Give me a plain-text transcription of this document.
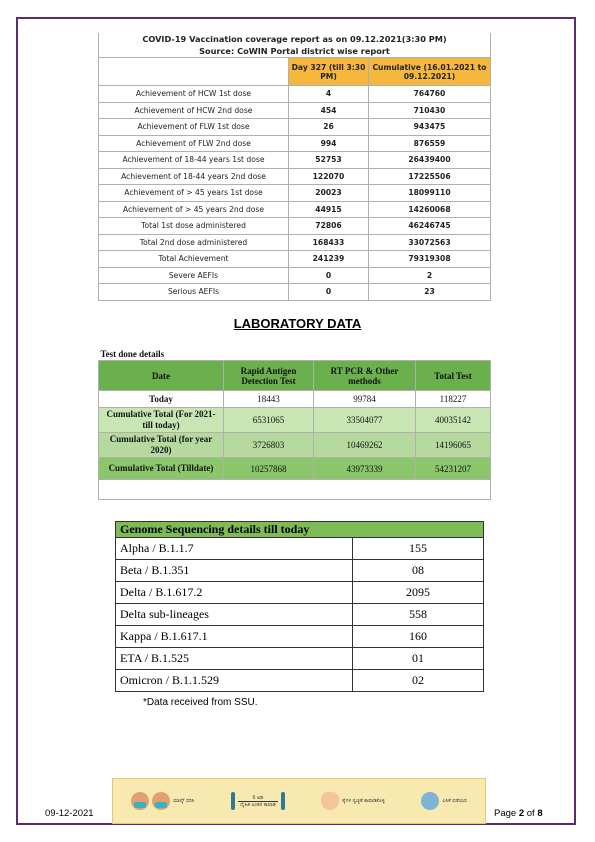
COVID-19 Vaccination coverage report as on 09.12.2021(3:30 PM)		
Source: CoWIN Portal district wise report		
	Day 327 (till 3:30 PM)	Cumulative (16.01.2021 to 09.12.2021)
Achievement of HCW 1st dose	4	764760
Achievement of HCW 2nd dose	454	710430
Achievement of FLW 1st dose	26	943475
Achievement of FLW 2nd dose	994	876559
Achievement of 18-44 years 1st dose	52753	26439400
Achievement of 18-44 years 2nd dose	122070	17225506
Achievement of > 45 years 1st dose	20023	18099110
Achievement of > 45 years 2nd dose	44915	14260068
Total 1st dose administered	72806	46246745
Total 2nd dose administered	168433	33072563
Total Achievement	241239	79319308
Severe AEFIs	0	2
Serious AEFIs	0	23
LABORATORY DATA
Test done details			
Date	Rapid Antigen Detection Test	RT PCR & Other methods	Total Test
Today	18443	99784	118227
Cumulative Total (For 2021- till today)	6531065	33504077	40035142
Cumulative Total (for year 2020)	3726803	10469262	14196065
Cumulative Total (Tilldate)	10257868	43973339	54231207

Genome Sequencing details till today	
Alpha / B.1.1.7	155
Beta / B.1.351	08
Delta / B.1.617.2	2095
Delta sub-lineages	558
Kappa / B.1.617.1	160
ETA / B.1.525	01
Omicron / B.1.1.529	02
*Data received from SSU.
ಮಾಸ್ಕ್ ಧರಿಸಿ
6 ಅಡಿ
ದೈಹಿಕ ಅಂತರ ಕಾಪಾಡಿ
ಕೈಗಳ ಸ್ವಚ್ಛತೆ ಕಾಪಾಡಿಕೊಳ್ಳಿ	ಲಸಿಕೆ ಪಡೆಯಿರಿ
09-12-2021	Page 2 of 8
